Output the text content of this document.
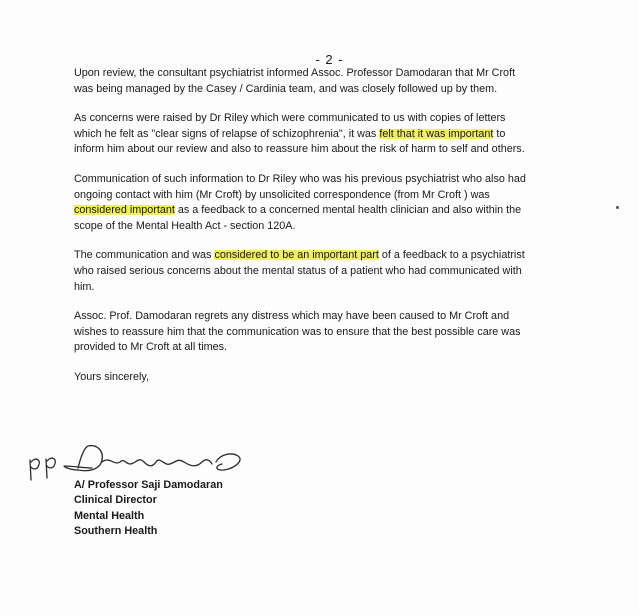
- 2 -
Upon review, the consultant psychiatrist informed Assoc. Professor Damodaran that Mr Croft
was being managed by the Casey / Cardinia team, and was closely followed up by them.
As concerns were raised by Dr Riley which were communicated to us with copies of letters
which he felt as "clear signs of relapse of schizophrenia", it was felt that it was important to
inform him about our review and also to reassure him about the risk of harm to self and others.
Communication of such information to Dr Riley who was his previous psychiatrist who also had
ongoing contact with him (Mr Croft) by unsolicited correspondence (from Mr Croft ) was
considered important as a feedback to a concerned mental health clinician and also within the
scope of the Mental Health Act - section 120A.
The communication and was considered to be an important part of a feedback to a psychiatrist
who raised serious concerns about the mental status of a patient who had communicated with
him.
Assoc. Prof. Damodaran regrets any distress which may have been caused to Mr Croft and
wishes to reassure him that the communication was to ensure that the best possible care was
provided to Mr Croft at all times.
Yours sincerely,
A/ Professor Saji Damodaran
Clinical Director
Mental Health
Southern Health
